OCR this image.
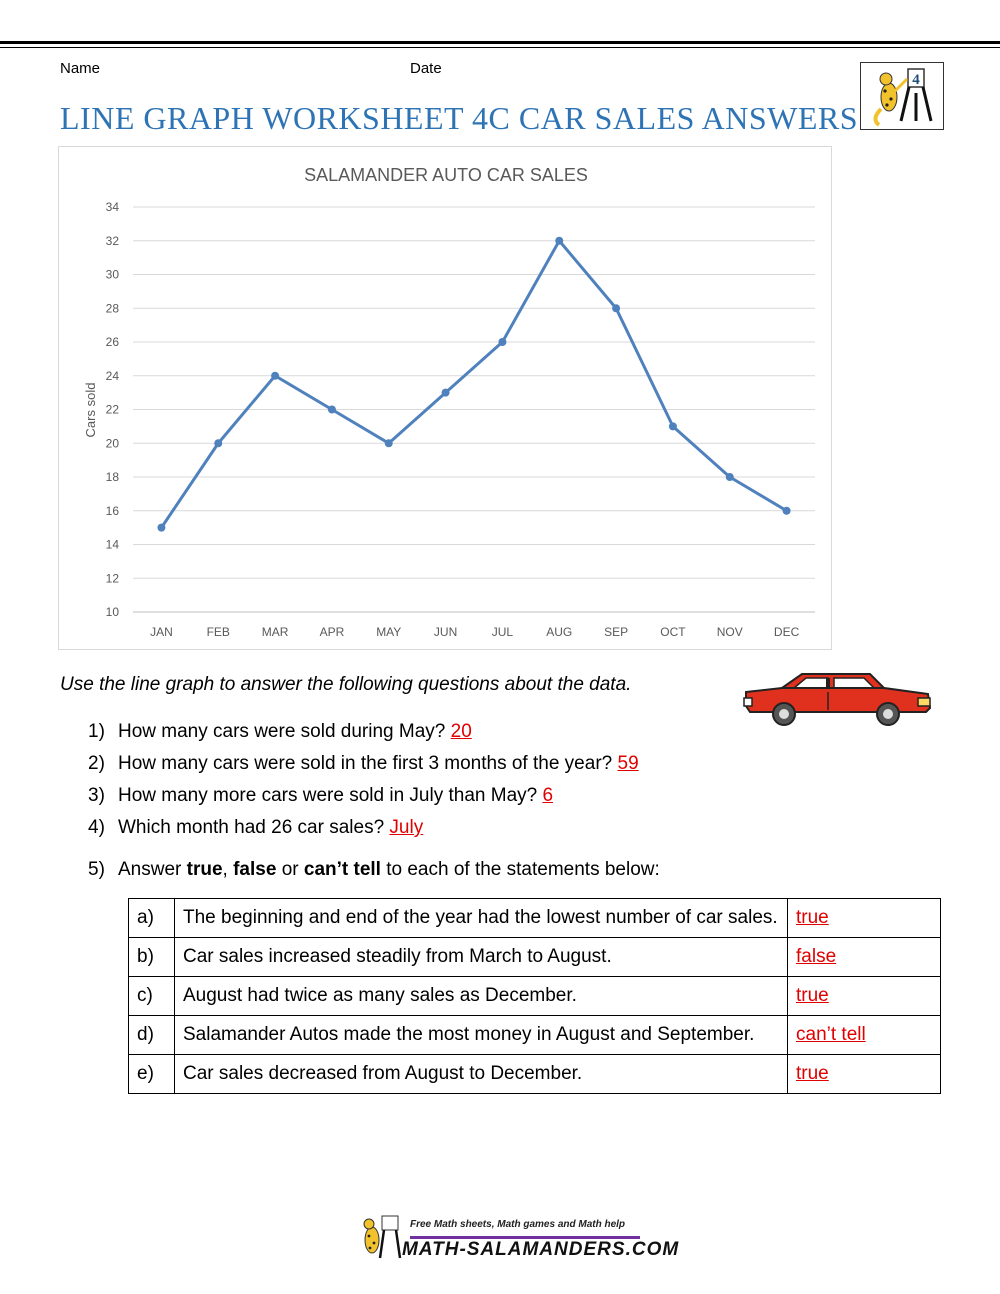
Name	Date
4
LINE GRAPH WORKSHEET 4C CAR SALES ANSWERS
SALAMANDER AUTO CAR SALES
Cars sold
10
12
14
16
18
20
22
24
26
28
30
32
34
JAN	FEB	MAR	APR	MAY	JUN	JUL	AUG	SEP	OCT	NOV	DEC
Use the line graph to answer the following questions about the data.
1) How many cars were sold during May? 20
2) How many cars were sold in the first 3 months of the year? 59
3) How many more cars were sold in July than May? 6
4) Which month had 26 car sales? July
5) Answer true, false or can’t tell to each of the statements below:
a)	The beginning and end of the year had the lowest number of car sales.	true
b)	Car sales increased steadily from March to August.	false
c)	August had twice as many sales as December.	true
d)	Salamander Autos made the most money in August and September.	can’t tell
e)	Car sales decreased from August to December.	true
Free Math sheets, Math games and Math help
MATH-SALAMANDERS.COM
